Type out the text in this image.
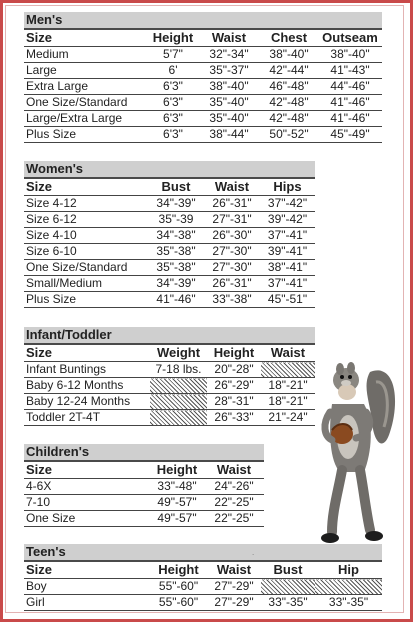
Men's
Size	Height	Waist	Chest	Outseam
Medium	5'7"	32"-34"	38"-40"	38"-40"
Large	6'	35"-37"	42"-44"	41"-43"
Extra Large	6'3"	38"-40"	46"-48"	44"-46"
One Size/Standard	6'3"	35"-40"	42"-48"	41"-46"
Large/Extra Large	6'3"	35"-40"	42"-48"	41"-46"
Plus Size	6'3"	38"-44"	50"-52"	45"-49"
Women's
Size	Bust	Waist	Hips
Size 4-12	34"-39"	26"-31"	37"-42"
Size 6-12	35"-39	27"-31"	39"-42"
Size 4-10	34"-38"	26"-30"	37"-41"
Size 6-10	35"-38"	27"-30"	39"-41"
One Size/Standard	35"-38"	27"-30"	38"-41"
Small/Medium	34"-39"	26"-31"	37"-41"
Plus Size	41"-46"	33"-38"	45"-51"
Infant/Toddler
Size	Weight	Height	Waist
Infant Buntings	7-18 lbs.	20"-28"	
Baby 6-12 Months		26"-29"	18"-21"
Baby 12-24 Months		28"-31"	18"-21"
Toddler 2T-4T		26"-33"	21"-24"
Children's
Size	Height	Waist
4-6X	33"-48"	24"-26"
7-10	49"-57"	22"-25"
One Size	49"-57"	22"-25"
Teen's
Size	Height	Waist	Bust	Hip
Boy	55"-60"	27"-29"		
Girl	55"-60"	27"-29"	33"-35"	33"-35"
.
